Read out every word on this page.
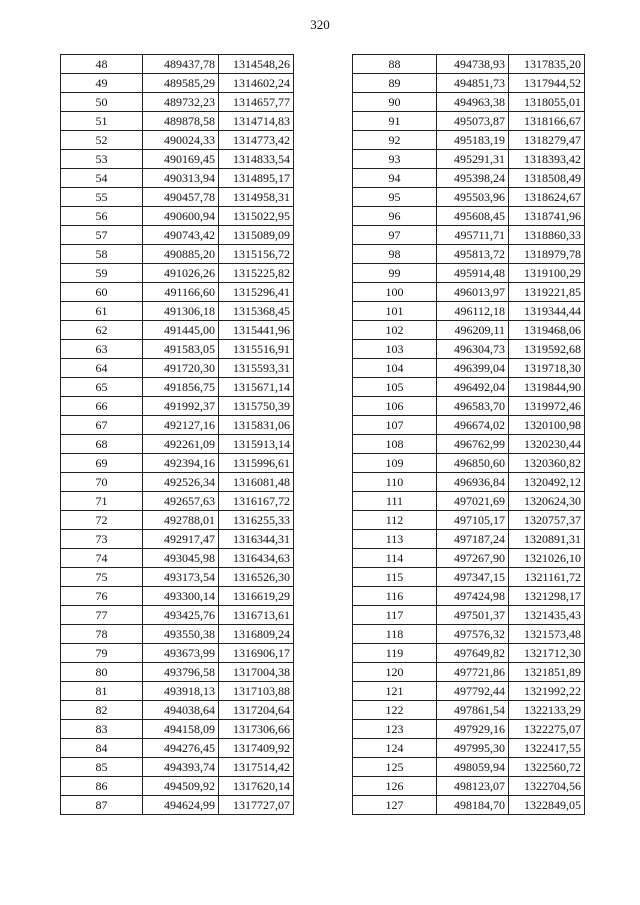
320
48	489437,78	1314548,26
49	489585,29	1314602,24
50	489732,23	1314657,77
51	489878,58	1314714,83
52	490024,33	1314773,42
53	490169,45	1314833,54
54	490313,94	1314895,17
55	490457,78	1314958,31
56	490600,94	1315022,95
57	490743,42	1315089,09
58	490885,20	1315156,72
59	491026,26	1315225,82
60	491166,60	1315296,41
61	491306,18	1315368,45
62	491445,00	1315441,96
63	491583,05	1315516,91
64	491720,30	1315593,31
65	491856,75	1315671,14
66	491992,37	1315750,39
67	492127,16	1315831,06
68	492261,09	1315913,14
69	492394,16	1315996,61
70	492526,34	1316081,48
71	492657,63	1316167,72
72	492788,01	1316255,33
73	492917,47	1316344,31
74	493045,98	1316434,63
75	493173,54	1316526,30
76	493300,14	1316619,29
77	493425,76	1316713,61
78	493550,38	1316809,24
79	493673,99	1316906,17
80	493796,58	1317004,38
81	493918,13	1317103,88
82	494038,64	1317204,64
83	494158,09	1317306,66
84	494276,45	1317409,92
85	494393,74	1317514,42
86	494509,92	1317620,14
87	494624,99	1317727,07
88	494738,93	1317835,20
89	494851,73	1317944,52
90	494963,38	1318055,01
91	495073,87	1318166,67
92	495183,19	1318279,47
93	495291,31	1318393,42
94	495398,24	1318508,49
95	495503,96	1318624,67
96	495608,45	1318741,96
97	495711,71	1318860,33
98	495813,72	1318979,78
99	495914,48	1319100,29
100	496013,97	1319221,85
101	496112,18	1319344,44
102	496209,11	1319468,06
103	496304,73	1319592,68
104	496399,04	1319718,30
105	496492,04	1319844,90
106	496583,70	1319972,46
107	496674,02	1320100,98
108	496762,99	1320230,44
109	496850,60	1320360,82
110	496936,84	1320492,12
111	497021,69	1320624,30
112	497105,17	1320757,37
113	497187,24	1320891,31
114	497267,90	1321026,10
115	497347,15	1321161,72
116	497424,98	1321298,17
117	497501,37	1321435,43
118	497576,32	1321573,48
119	497649,82	1321712,30
120	497721,86	1321851,89
121	497792,44	1321992,22
122	497861,54	1322133,29
123	497929,16	1322275,07
124	497995,30	1322417,55
125	498059,94	1322560,72
126	498123,07	1322704,56
127	498184,70	1322849,05
